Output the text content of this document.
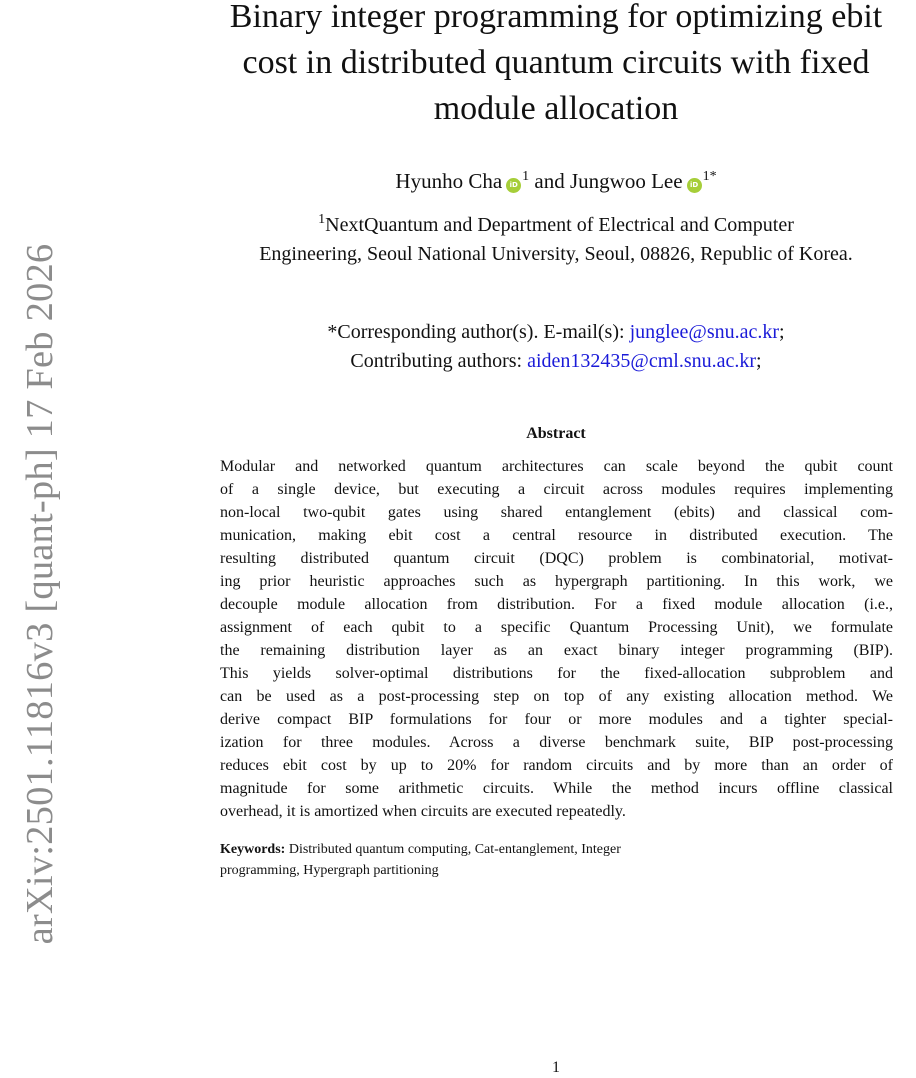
arXiv:2501.11816v3 [quant-ph] 17 Feb 2026
Binary integer programming for optimizing ebit
cost in distributed quantum circuits with fixed
module allocation
Hyunho Cha $iD^1$ and Jungwoo Lee $iD^{1*}$
$^1$NextQuantum and Department of Electrical and Computer
Engineering, Seoul National University, Seoul, 08826, Republic of Korea.
*Corresponding author(s). E-mail(s): junglee@snu.ac.kr;
Contributing authors: aiden132435@cml.snu.ac.kr;
Abstract
Modular and networked quantum architectures can scale beyond the qubit count
of a single device, but executing a circuit across modules requires implementing
non-local two-qubit gates using shared entanglement (ebits) and classical com-
munication, making ebit cost a central resource in distributed execution. The
resulting distributed quantum circuit (DQC) problem is combinatorial, motivat-
ing prior heuristic approaches such as hypergraph partitioning. In this work, we
decouple module allocation from distribution. For a fixed module allocation (i.e.,
assignment of each qubit to a specific Quantum Processing Unit), we formulate
the remaining distribution layer as an exact binary integer programming (BIP).
This yields solver-optimal distributions for the fixed-allocation subproblem and
can be used as a post-processing step on top of any existing allocation method. We
derive compact BIP formulations for four or more modules and a tighter special-
ization for three modules. Across a diverse benchmark suite, BIP post-processing
reduces ebit cost by up to 20% for random circuits and by more than an order of
magnitude for some arithmetic circuits. While the method incurs offline classical
overhead, it is amortized when circuits are executed repeatedly.
Keywords: Distributed quantum computing, Cat-entanglement, Integer
programming, Hypergraph partitioning
1
